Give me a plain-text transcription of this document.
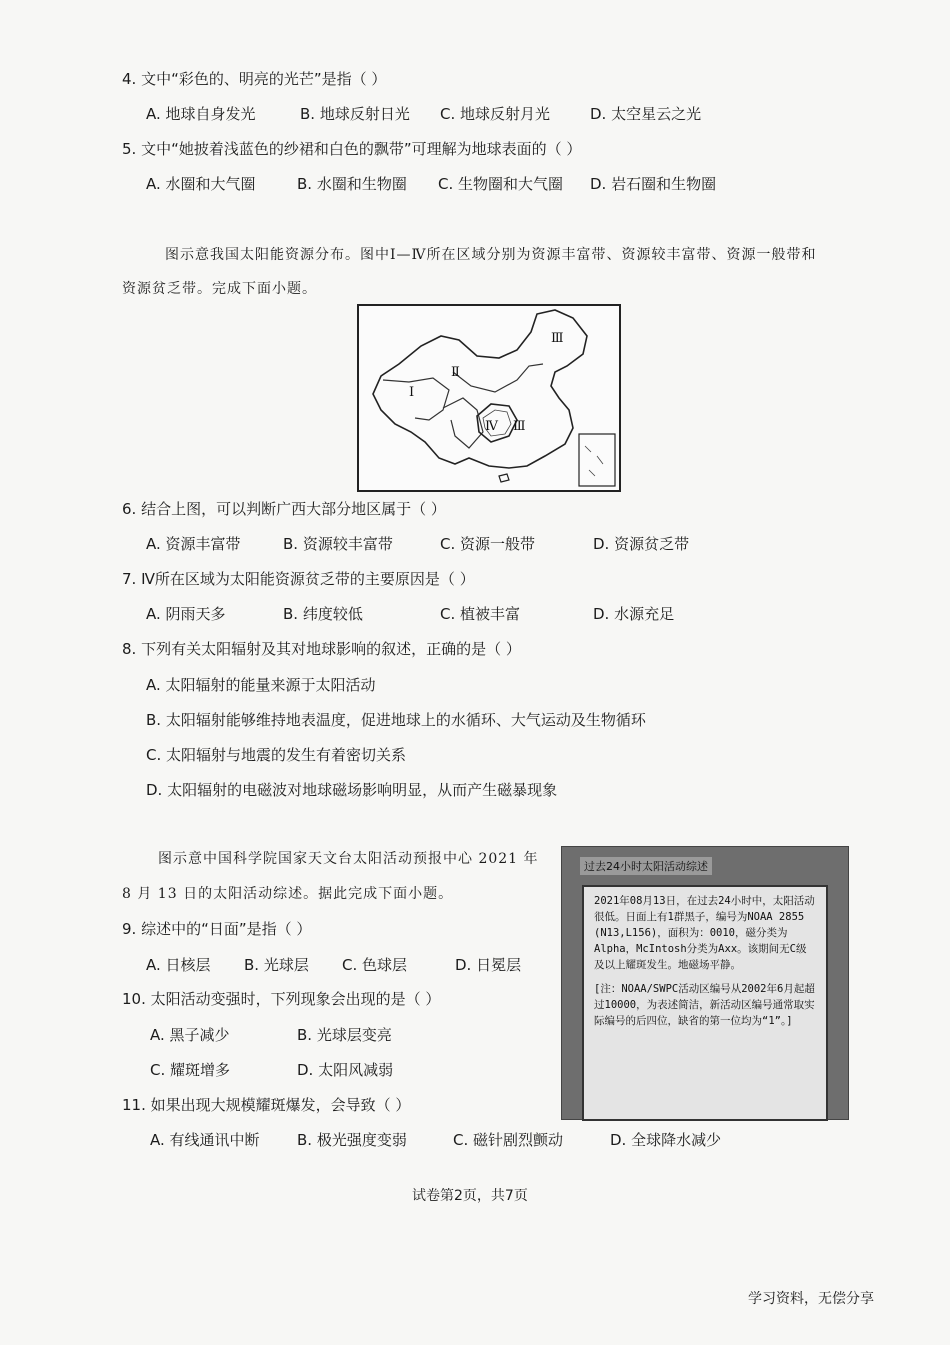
4. 文中“彩色的、明亮的光芒”是指（ ）
A. 地球自身发光	B. 地球反射日光 C. 地球反射月光	D. 太空星云之光
5. 文中“她披着浅蓝色的纱裙和白色的飘带”可理解为地球表面的（ ）
A. 水圈和大气圈	B. 水圈和生物圈 C. 生物圈和大气圈 D. 岩石圈和生物圈
图示意我国太阳能资源分布。图中Ⅰ—Ⅳ所在区域分别为资源丰富带、资源较丰富带、资源一般带和
资源贫乏带。完成下面小题。
Ⅰ
Ⅱ
Ⅲ
Ⅳ Ⅲ
6. 结合上图，可以判断广西大部分地区属于（ ）
A. 资源丰富带	B. 资源较丰富带	C. 资源一般带	D. 资源贫乏带
7. Ⅳ所在区域为太阳能资源贫乏带的主要原因是（ ）
A. 阴雨天多	B. 纬度较低	C. 植被丰富	D. 水源充足
8. 下列有关太阳辐射及其对地球影响的叙述，正确的是（ ）
A. 太阳辐射的能量来源于太阳活动
B. 太阳辐射能够维持地表温度，促进地球上的水循环、大气运动及生物循环
C. 太阳辐射与地震的发生有着密切关系
D. 太阳辐射的电磁波对地球磁场影响明显，从而产生磁暴现象
图示意中国科学院国家天文台太阳活动预报中心 2021 年
8 月 13 日的太阳活动综述。据此完成下面小题。
过去24小时太阳活动综述
2021年08月13日，在过去24小时中，太阳活动很低。日面上有1群黑子，编号为NOAA 2855 (N13,L156)，面积为：0010，磁分类为Alpha，McIntosh分类为Axx。该期间无C级及以上耀斑发生。地磁场平静。
[注：NOAA/SWPC活动区编号从2002年6月起超过10000，为表述简洁，新活动区编号通常取实际编号的后四位，缺省的第一位均为“1”。]
9. 综述中的“日面”是指（ ）
A. 日核层 B. 光球层 C. 色球层	D. 日冕层
10. 太阳活动变强时，下列现象会出现的是（ ）
A. 黑子减少	B. 光球层变亮
C. 耀斑增多	D. 太阳风减弱
11. 如果出现大规模耀斑爆发，会导致（ ）
A. 有线通讯中断 B. 极光强度变弱	C. 磁针剧烈颤动	D. 全球降水减少
试卷第2页，共7页
学习资料，无偿分享
